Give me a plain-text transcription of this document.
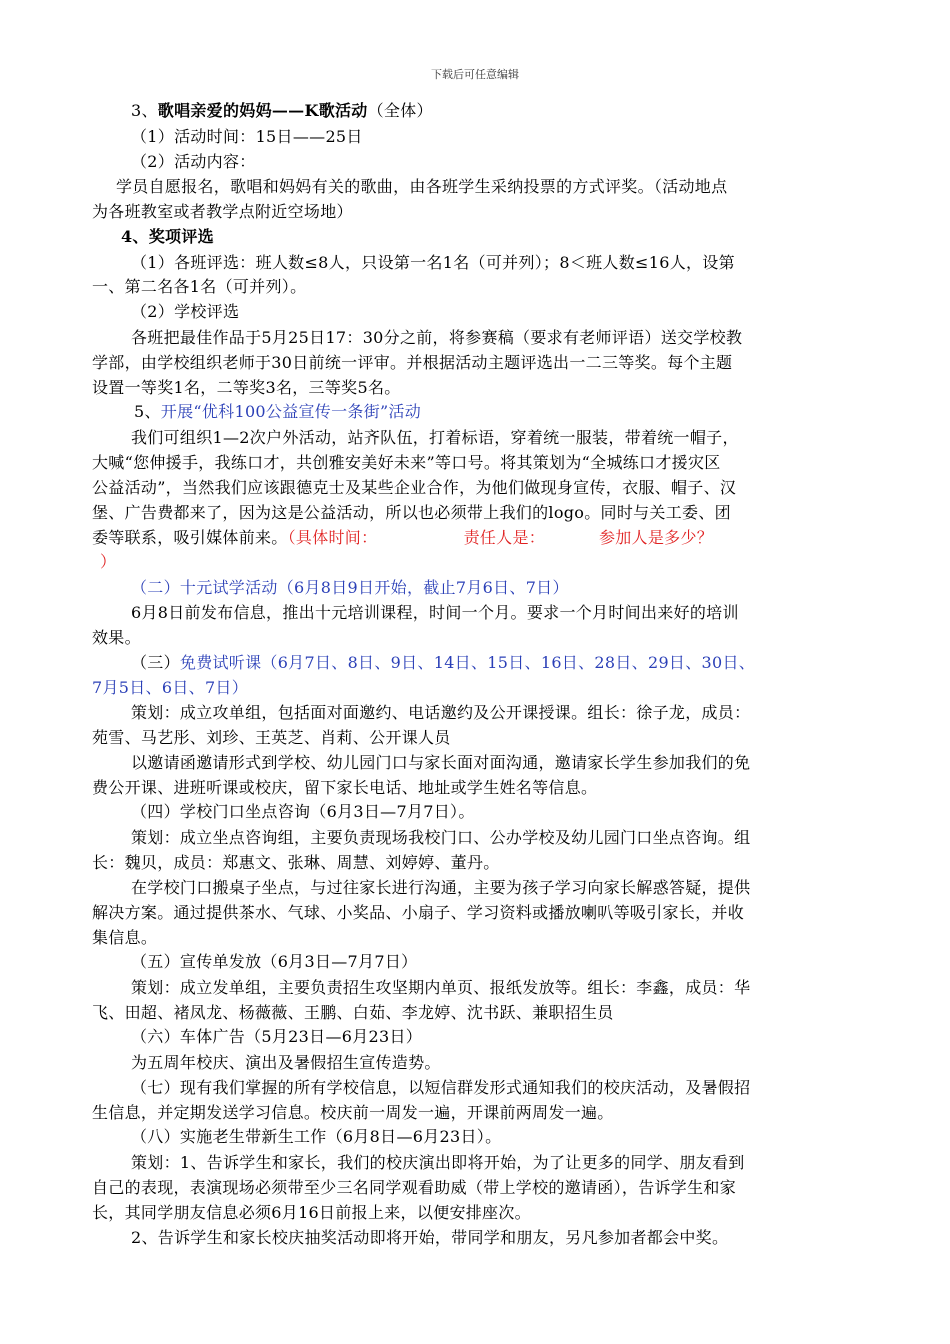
下载后可任意编辑
3、歌唱亲爱的妈妈——K歌活动（全体）
（1）活动时间：15日——25日
（2）活动内容：
学员自愿报名，歌唱和妈妈有关的歌曲，由各班学生采纳投票的方式评奖。（活动地点
为各班教室或者教学点附近空场地）
4、奖项评选
（1）各班评选：班人数≤8人，只设第一名1名（可并列）；8＜班人数≤16人，设第
一、第二名各1名（可并列）。
（2）学校评选
各班把最佳作品于5月25日17：30分之前，将参赛稿（要求有老师评语）送交学校教
学部，由学校组织老师于30日前统一评审。并根据活动主题评选出一二三等奖。每个主题
设置一等奖1名，二等奖3名，三等奖5名。
5、开展“优科100公益宣传一条街”活动
我们可组织1—2次户外活动，站齐队伍，打着标语，穿着统一服装，带着统一帽子，
大喊“您伸援手，我练口才，共创雅安美好未来”等口号。将其策划为“全城练口才援灾区
公益活动”，当然我们应该跟德克士及某些企业合作，为他们做现身宣传，衣服、帽子、汉
堡、广告费都来了，因为这是公益活动，所以也必须带上我们的logo。同时与关工委、团
委等联系，吸引媒体前来。（具体时间：                责任人是：          参加人是多少？
）
（二）十元试学活动（6月8日9日开始，截止7月6日、7日）
6月8日前发布信息，推出十元培训课程，时间一个月。要求一个月时间出来好的培训
效果。
（三）免费试听课（6月7日、8日、9日、14日、15日、16日、28日、29日、30日、
7月5日、6日、7日）
策划：成立攻单组，包括面对面邀约、电话邀约及公开课授课。组长：徐子龙，成员：
苑雪、马艺彤、刘珍、王英芝、肖莉、公开课人员
以邀请函邀请形式到学校、幼儿园门口与家长面对面沟通，邀请家长学生参加我们的免
费公开课、进班听课或校庆，留下家长电话、地址或学生姓名等信息。
（四）学校门口坐点咨询（6月3日—7月7日）。
策划：成立坐点咨询组，主要负责现场我校门口、公办学校及幼儿园门口坐点咨询。组
长：魏贝，成员：郑惠文、张琳、周慧、刘婷婷、董丹。
在学校门口搬桌子坐点，与过往家长进行沟通，主要为孩子学习向家长解惑答疑，提供
解决方案。通过提供茶水、气球、小奖品、小扇子、学习资料或播放喇叭等吸引家长，并收
集信息。
（五）宣传单发放（6月3日—7月7日）
策划：成立发单组，主要负责招生攻坚期内单页、报纸发放等。组长：李鑫，成员：华
飞、田超、褚凤龙、杨薇薇、王鹏、白茹、李龙婷、沈书跃、兼职招生员
（六）车体广告（5月23日—6月23日）
为五周年校庆、演出及暑假招生宣传造势。
（七）现有我们掌握的所有学校信息，以短信群发形式通知我们的校庆活动，及暑假招
生信息，并定期发送学习信息。校庆前一周发一遍，开课前两周发一遍。
（八）实施老生带新生工作（6月8日—6月23日）。
策划：1、告诉学生和家长，我们的校庆演出即将开始，为了让更多的同学、朋友看到
自己的表现，表演现场必须带至少三名同学观看助威（带上学校的邀请函），告诉学生和家
长，其同学朋友信息必须6月16日前报上来，以便安排座次。
2、告诉学生和家长校庆抽奖活动即将开始，带同学和朋友，另凡参加者都会中奖。
